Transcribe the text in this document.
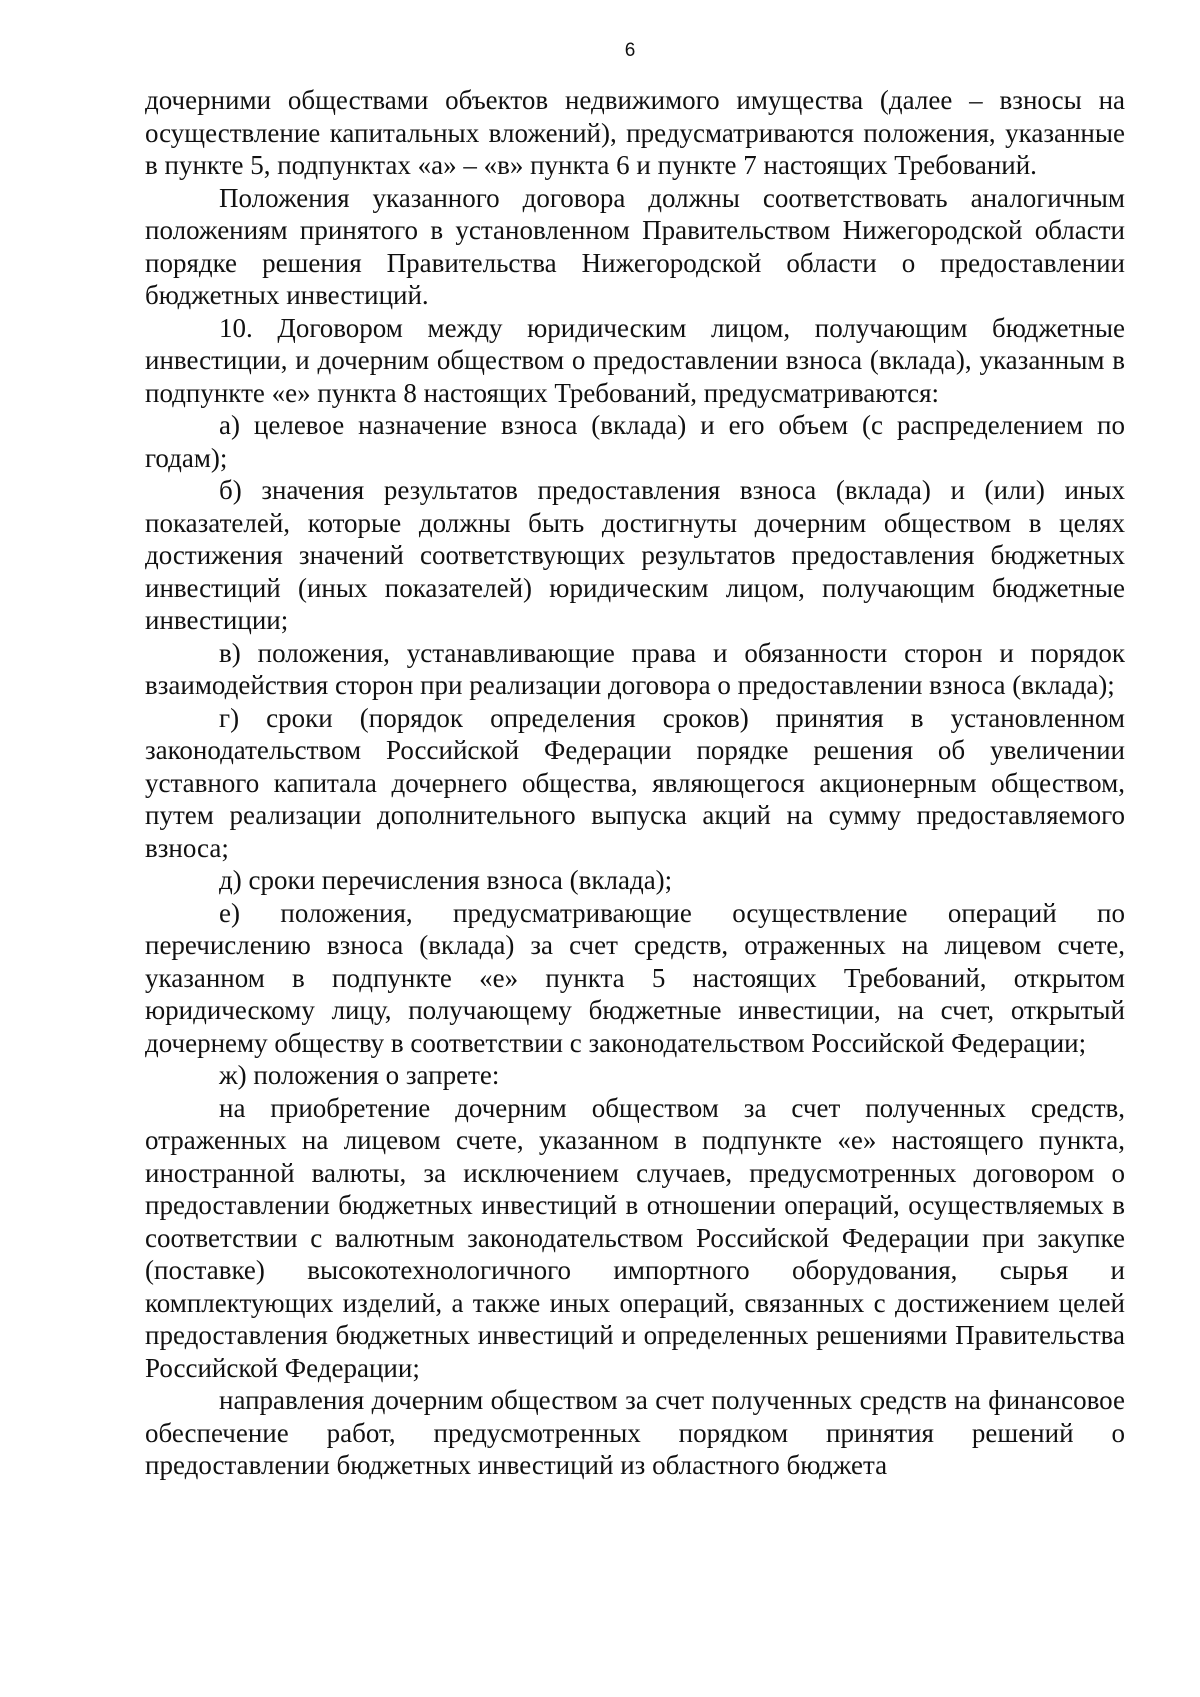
6

дочерними обществами объектов недвижимого имущества (далее – взносы на осуществление капитальных вложений), предусматриваются положения, указанные в пункте 5, подпунктах «а» – «в» пункта 6 и пункте 7 настоящих Требований.

Положения указанного договора должны соответствовать аналогичным положениям принятого в установленном Правительством Нижегородской области порядке решения Правительства Нижегородской области о предоставлении бюджетных инвестиций.

10. Договором между юридическим лицом, получающим бюджетные инвестиции, и дочерним обществом о предоставлении взноса (вклада), указанным в подпункте «е» пункта 8 настоящих Требований, предусматриваются:

а) целевое назначение взноса (вклада) и его объем (с распределением по годам);

б) значения результатов предоставления взноса (вклада) и (или) иных показателей, которые должны быть достигнуты дочерним обществом в целях достижения значений соответствующих результатов предоставления бюджетных инвестиций (иных показателей) юридическим лицом, получающим бюджетные инвестиции;

в) положения, устанавливающие права и обязанности сторон и порядок взаимодействия сторон при реализации договора о предоставлении взноса (вклада);

г) сроки (порядок определения сроков) принятия в установленном законодательством Российской Федерации порядке решения об увеличении уставного капитала дочернего общества, являющегося акционерным обществом, путем реализации дополнительного выпуска акций на сумму предоставляемого взноса;

д) сроки перечисления взноса (вклада);

е) положения, предусматривающие осуществление операций по перечислению взноса (вклада) за счет средств, отраженных на лицевом счете, указанном в подпункте «е» пункта 5 настоящих Требований, открытом юридическому лицу, получающему бюджетные инвестиции, на счет, открытый дочернему обществу в соответствии с законодательством Российской Федерации;

ж) положения о запрете:

на приобретение дочерним обществом за счет полученных средств, отраженных на лицевом счете, указанном в подпункте «е» настоящего пункта, иностранной валюты, за исключением случаев, предусмотренных договором о предоставлении бюджетных инвестиций в отношении операций, осуществляемых в соответствии с валютным законодательством Российской Федерации при закупке (поставке) высокотехнологичного импортного оборудования, сырья и комплектующих изделий, а также иных операций, связанных с достижением целей предоставления бюджетных инвестиций и определенных решениями Правительства Российской Федерации;

направления дочерним обществом за счет полученных средств на финансовое обеспечение работ, предусмотренных порядком принятия решений о предоставлении бюджетных инвестиций из областного бюджета
